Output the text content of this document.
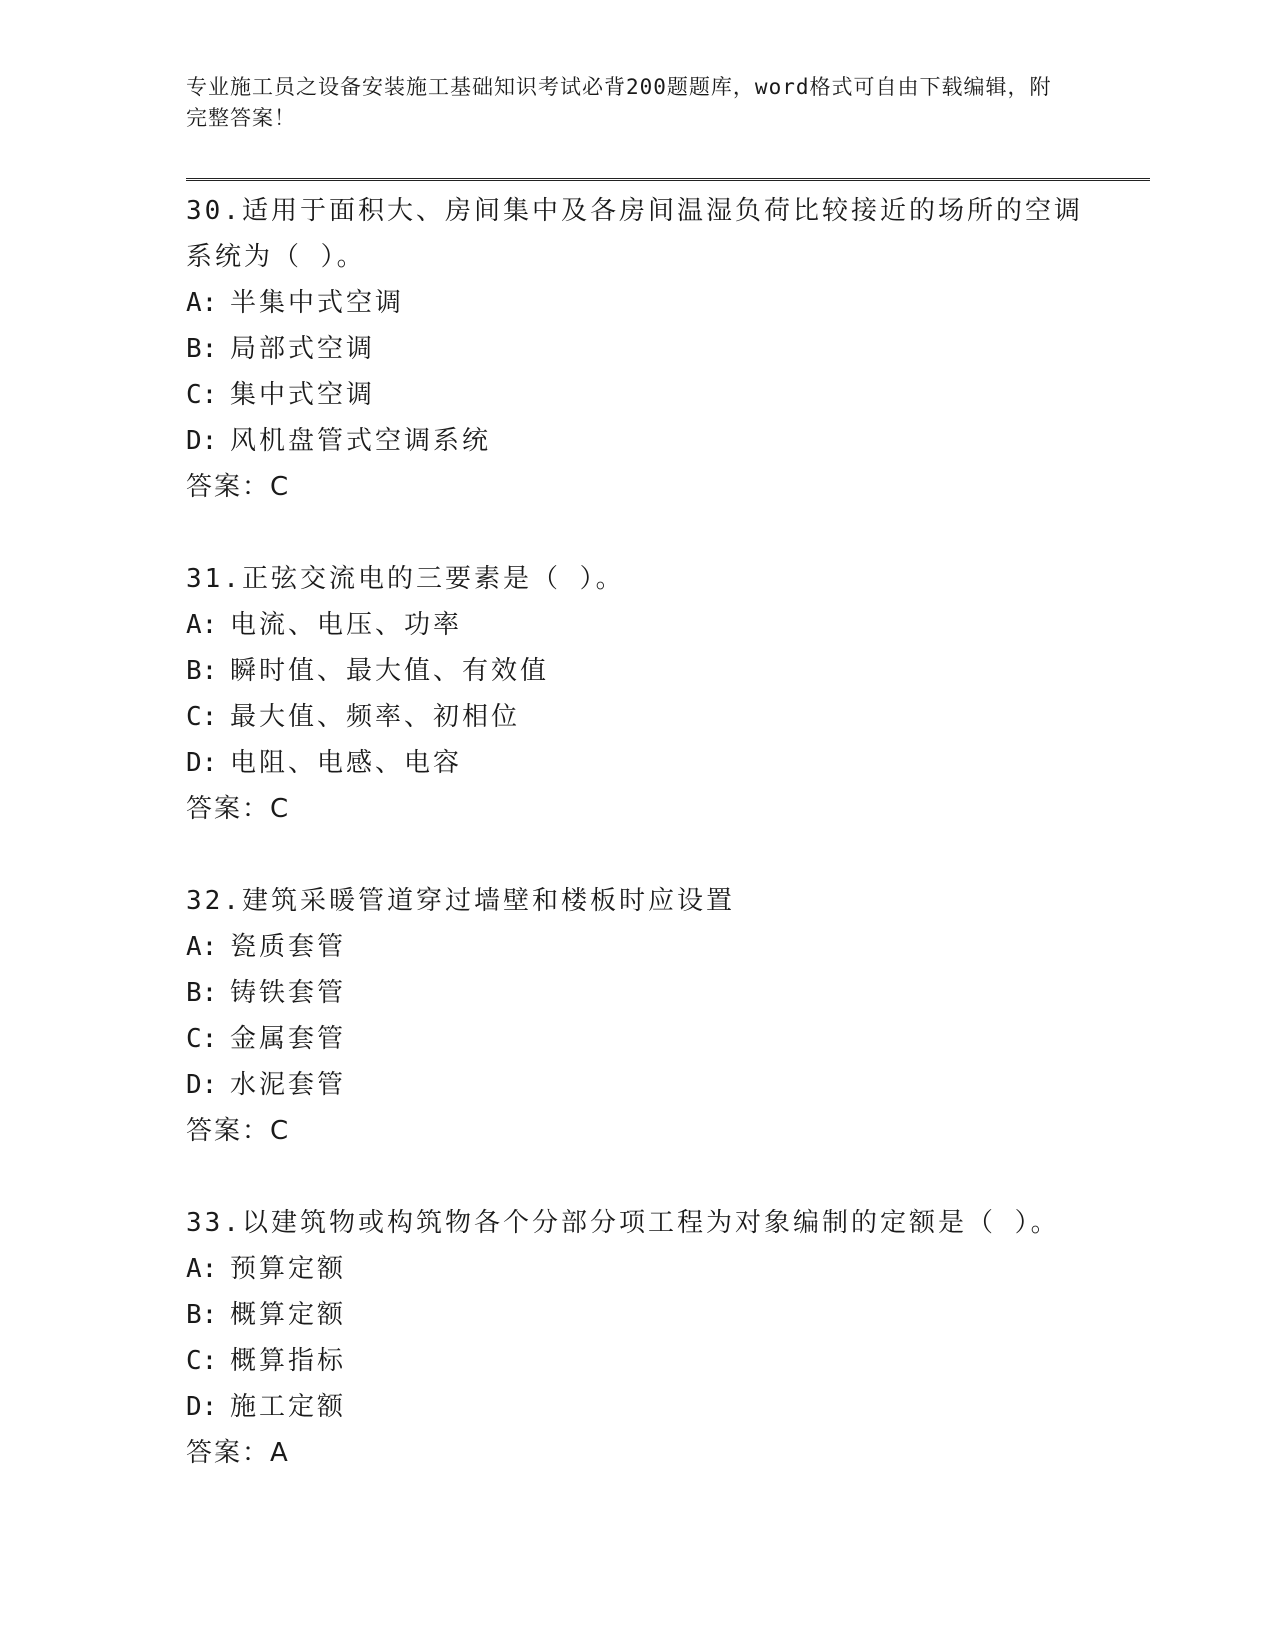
专业施工员之设备安装施工基础知识考试必背200题题库，word格式可自由下载编辑，附完整答案！
30.适用于面积大、房间集中及各房间温湿负荷比较接近的场所的空调系统为（ ）。
A: 半集中式空调
B: 局部式空调
C: 集中式空调
D: 风机盘管式空调系统
答案：C
31.正弦交流电的三要素是（ ）。
A: 电流、电压、功率
B: 瞬时值、最大值、有效值
C: 最大值、频率、初相位
D: 电阻、电感、电容
答案：C
32.建筑采暖管道穿过墙壁和楼板时应设置
A: 瓷质套管
B: 铸铁套管
C: 金属套管
D: 水泥套管
答案：C
33.以建筑物或构筑物各个分部分项工程为对象编制的定额是（ ）。
A: 预算定额
B: 概算定额
C: 概算指标
D: 施工定额
答案：A
